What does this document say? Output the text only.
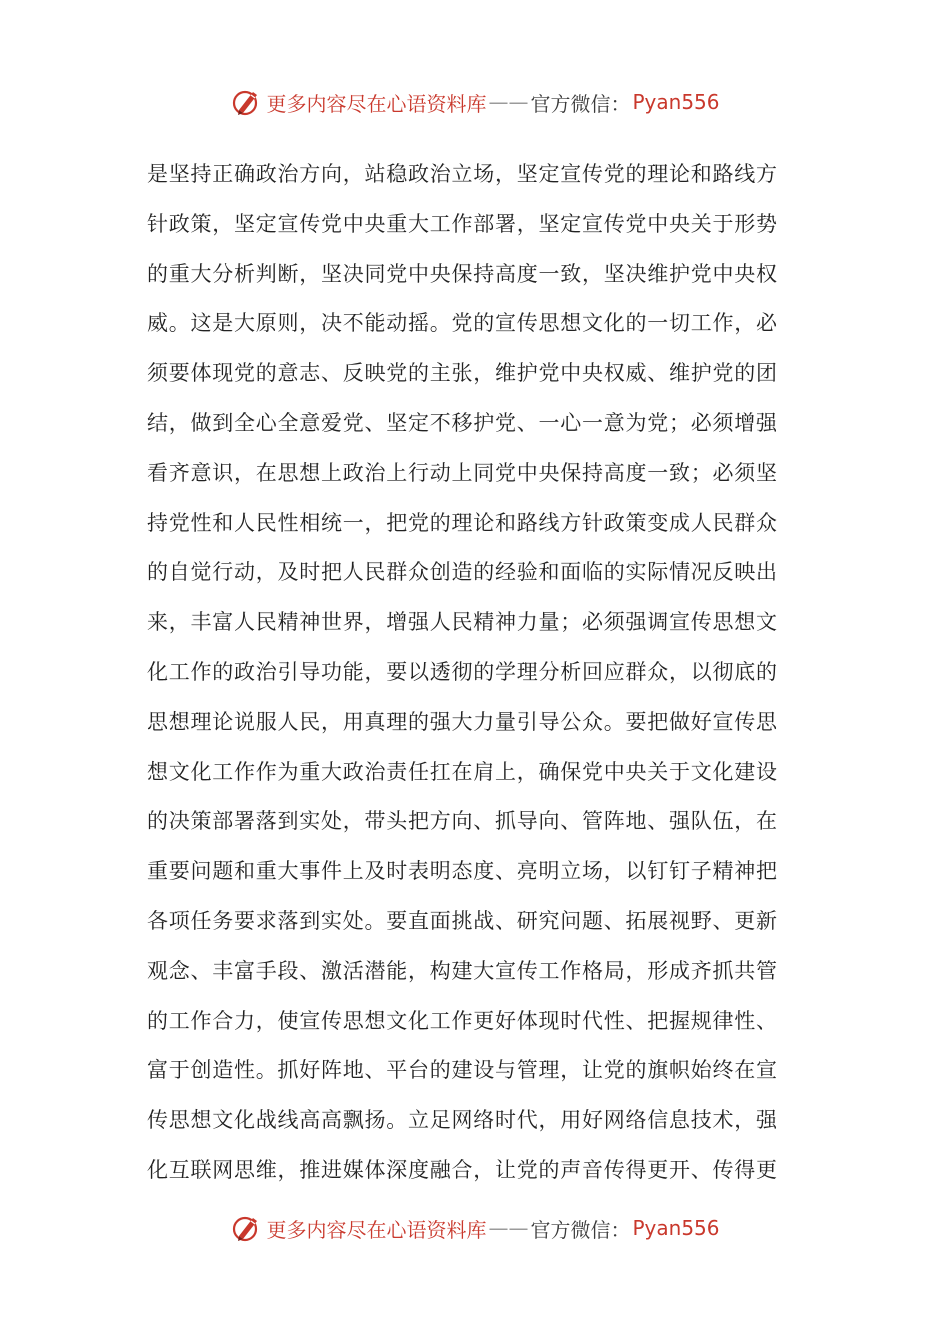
更多内容尽在心语资料库 —— 官方微信： Pyan556
是坚持正确政治方向，站稳政治立场，坚定宣传党的理论和路线方
针政策，坚定宣传党中央重大工作部署，坚定宣传党中央关于形势
的重大分析判断，坚决同党中央保持高度一致，坚决维护党中央权
威。这是大原则，决不能动摇。党的宣传思想文化的一切工作，必
须要体现党的意志、反映党的主张，维护党中央权威、维护党的团
结，做到全心全意爱党、坚定不移护党、一心一意为党；必须增强
看齐意识，在思想上政治上行动上同党中央保持高度一致；必须坚
持党性和人民性相统一，把党的理论和路线方针政策变成人民群众
的自觉行动，及时把人民群众创造的经验和面临的实际情况反映出
来，丰富人民精神世界，增强人民精神力量；必须强调宣传思想文
化工作的政治引导功能，要以透彻的学理分析回应群众，以彻底的
思想理论说服人民，用真理的强大力量引导公众。要把做好宣传思
想文化工作作为重大政治责任扛在肩上，确保党中央关于文化建设
的决策部署落到实处，带头把方向、抓导向、管阵地、强队伍，在
重要问题和重大事件上及时表明态度、亮明立场，以钉钉子精神把
各项任务要求落到实处。要直面挑战、研究问题、拓展视野、更新
观念、丰富手段、激活潜能，构建大宣传工作格局，形成齐抓共管
的工作合力，使宣传思想文化工作更好体现时代性、把握规律性、
富于创造性。抓好阵地、平台的建设与管理，让党的旗帜始终在宣
传思想文化战线高高飘扬。立足网络时代，用好网络信息技术，强
化互联网思维，推进媒体深度融合，让党的声音传得更开、传得更
更多内容尽在心语资料库 —— 官方微信： Pyan556
